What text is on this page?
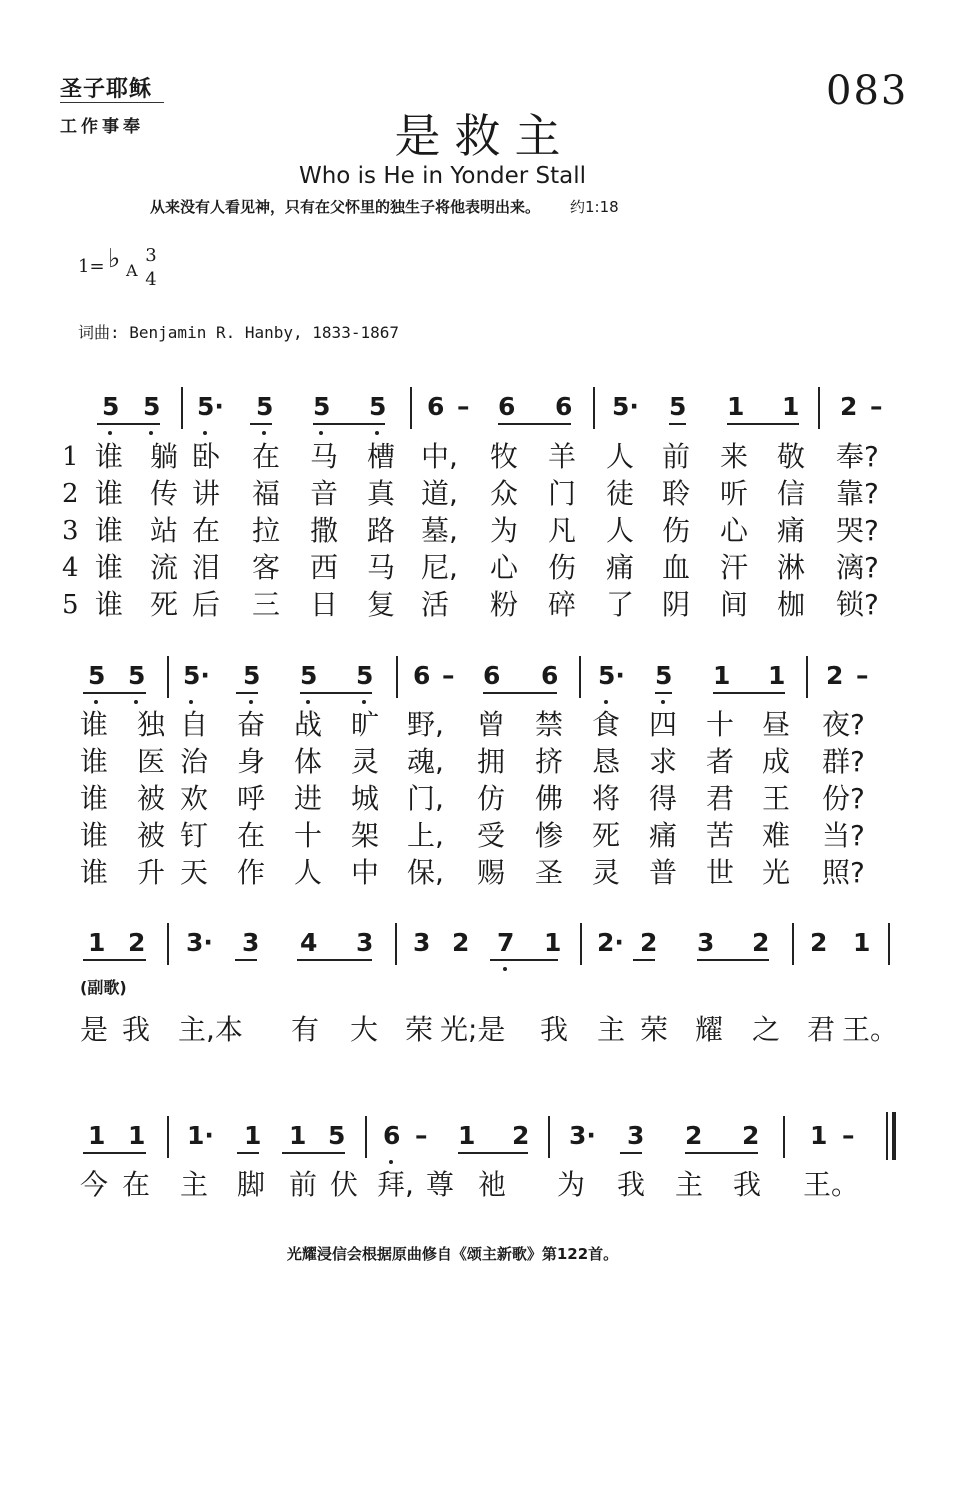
圣子耶稣
工作事奉
083
是救主
Who is He in Yonder Stall
从来没有人看见神，只有在父怀里的独生子将他表明出来。 约1:18
1= ♭ A
3
4
词曲: Benjamin R. Hanby, 1833-1867
5 5 5· 5 5 5 6 – 6 6 5· 5 1 1 2 –
5 5 5· 5 5 5 6 – 6 6 5· 5 1 1 2 –
1 2 3· 3 4 3 3 2 7 1 2· 2 3 2 2 1
1 1 1· 1 1 5 6 – 1 2 3· 3 2 2 1 –
1 谁 躺 卧 在 马 槽 中, 牧 羊 人 前 来 敬 奉?
2 谁 传 讲 福 音 真 道, 众 门 徒 聆 听 信 靠?
3 谁 站 在 拉 撒 路 墓, 为 凡 人 伤 心 痛 哭?
4 谁 流 泪 客 西 马 尼, 心 伤 痛 血 汗 淋 漓?
5 谁 死 后 三 日 复 活 粉 碎 了 阴 间 枷 锁?
谁 独 自 奋 战 旷 野, 曾 禁 食 四 十 昼 夜?
谁 医 治 身 体 灵 魂, 拥 挤 恳 求 者 成 群?
谁 被 欢 呼 进 城 门, 仿 佛 将 得 君 王 份?
谁 被 钉 在 十 架 上, 受 惨 死 痛 苦 难 当?
谁 升 天 作 人 中 保, 赐 圣 灵 普 世 光 照?
是 我 主,本 有 大 荣 光;是 我 主 荣 耀 之 君 王。
今 在 主 脚 前 伏 拜, 尊 祂 为 我 主 我 王。
(副歌)
光耀浸信会根据原曲修自《颂主新歌》第122首。
